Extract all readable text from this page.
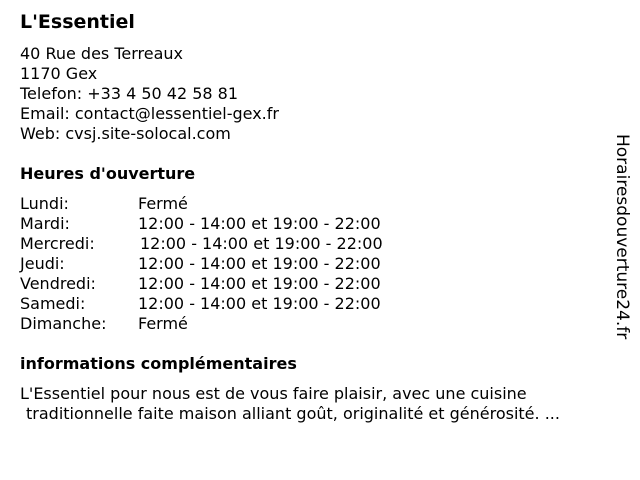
L'Essentiel
40 Rue des Terreaux
1170 Gex
Telefon: +33 4 50 42 58 81
Email: contact@lessentiel-gex.fr
Web: cvsj.site-solocal.com
Heures d'ouverture
Lundi:	Fermé
Mardi:	12:00 - 14:00 et 19:00 - 22:00
Mercredi:	12:00 - 14:00 et 19:00 - 22:00
Jeudi:	12:00 - 14:00 et 19:00 - 22:00
Vendredi:	12:00 - 14:00 et 19:00 - 22:00
Samedi:	12:00 - 14:00 et 19:00 - 22:00
Dimanche: Fermé
informations complémentaires
L'Essentiel pour nous est de vous faire plaisir, avec une cuisine
traditionnelle faite maison alliant goût, originalité et générosité. ...
Horairesdouverture24.fr
